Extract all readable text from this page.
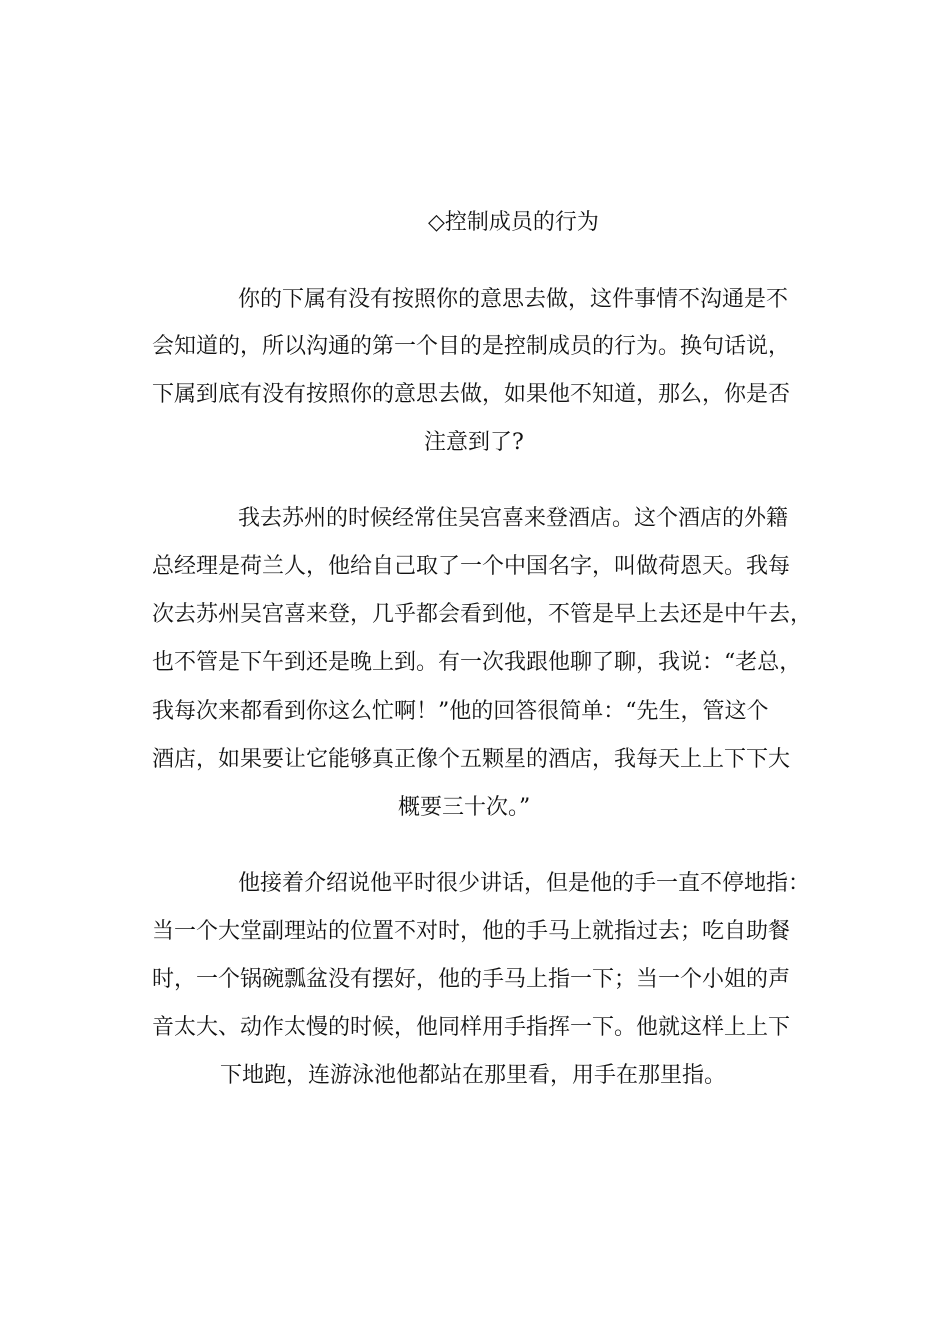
◇控制成员的行为
你的下属有没有按照你的意思去做，这件事情不沟通是不
会知道的，所以沟通的第一个目的是控制成员的行为。换句话说，
下属到底有没有按照你的意思去做，如果他不知道，那么，你是否
注意到了?
我去苏州的时候经常住吴宫喜来登酒店。这个酒店的外籍
总经理是荷兰人，他给自己取了一个中国名字，叫做荷恩天。我每
次去苏州吴宫喜来登，几乎都会看到他，不管是早上去还是中午去，
也不管是下午到还是晚上到。有一次我跟他聊了聊，我说：“老总，
我每次来都看到你这么忙啊！”他的回答很简单：“先生，管这个
酒店，如果要让它能够真正像个五颗星的酒店，我每天上上下下大
概要三十次。”
他接着介绍说他平时很少讲话，但是他的手一直不停地指：
当一个大堂副理站的位置不对时，他的手马上就指过去；吃自助餐
时，一个锅碗瓢盆没有摆好，他的手马上指一下；当一个小姐的声
音太大、动作太慢的时候，他同样用手指挥一下。他就这样上上下
下地跑，连游泳池他都站在那里看，用手在那里指。
